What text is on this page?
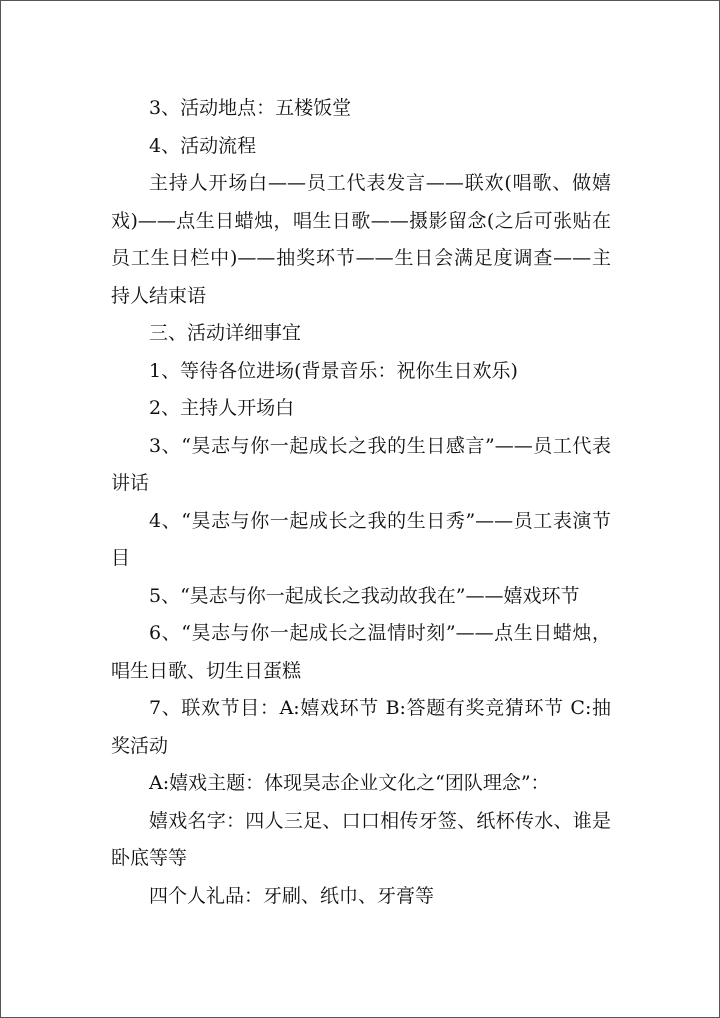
3、活动地点：五楼饭堂

4、活动流程

主持人开场白——员工代表发言——联欢(唱歌、做嬉戏)——点生日蜡烛，唱生日歌——摄影留念(之后可张贴在员工生日栏中)——抽奖环节——生日会满足度调查——主持人结束语

三、活动详细事宜

1、等待各位进场(背景音乐：祝你生日欢乐)

2、主持人开场白

3、“昊志与你一起成长之我的生日感言”——员工代表讲话

4、“昊志与你一起成长之我的生日秀”——员工表演节目

5、“昊志与你一起成长之我动故我在”——嬉戏环节

6、“昊志与你一起成长之温情时刻”——点生日蜡烛，唱生日歌、切生日蛋糕

7、联欢节目：A:嬉戏环节 B:答题有奖竞猜环节 C:抽奖活动

A:嬉戏主题：体现昊志企业文化之“团队理念”：

嬉戏名字：四人三足、口口相传牙签、纸杯传水、谁是卧底等等

四个人礼品：牙刷、纸巾、牙膏等
